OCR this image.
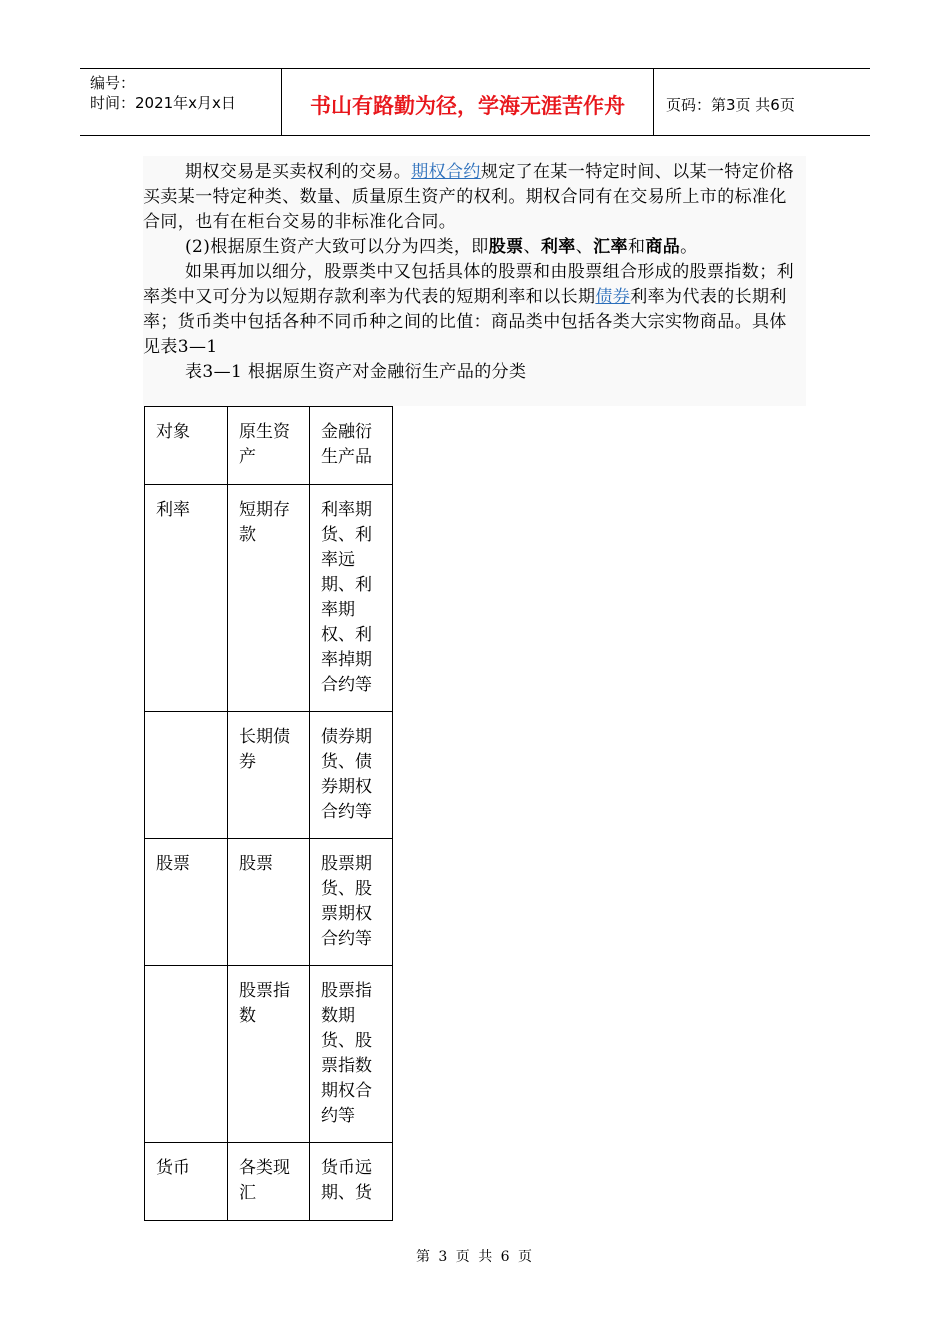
编号：
时间：2021年x月x日	书山有路勤为径，学海无涯苦作舟	页码：第3页 共6页
期权交易是买卖权利的交易。期权合约规定了在某一特定时间、以某一特定价格买卖某一特定种类、数量、质量原生资产的权利。期权合同有在交易所上市的标准化合同，也有在柜台交易的非标准化合同。
(2)根据原生资产大致可以分为四类，即股票、利率、汇率和商品。
如果再加以细分，股票类中又包括具体的股票和由股票组合形成的股票指数；利率类中又可分为以短期存款利率为代表的短期利率和以长期债券利率为代表的长期利率；货币类中包括各种不同币种之间的比值：商品类中包括各类大宗实物商品。具体见表3—1
表3—1 根据原生资产对金融衍生产品的分类
对象	原生资产	金融衍生产品

利率	短期存款	利率期货、利率远期、利率期权、利率掉期合约等

	长期债券	债券期货、债券期权合约等

股票	股票	股票期货、股票期权合约等

	股票指数	股票指数期货、股票指数期权合约等

货币	各类现汇	货币远期、货
第 3 页 共 6 页
